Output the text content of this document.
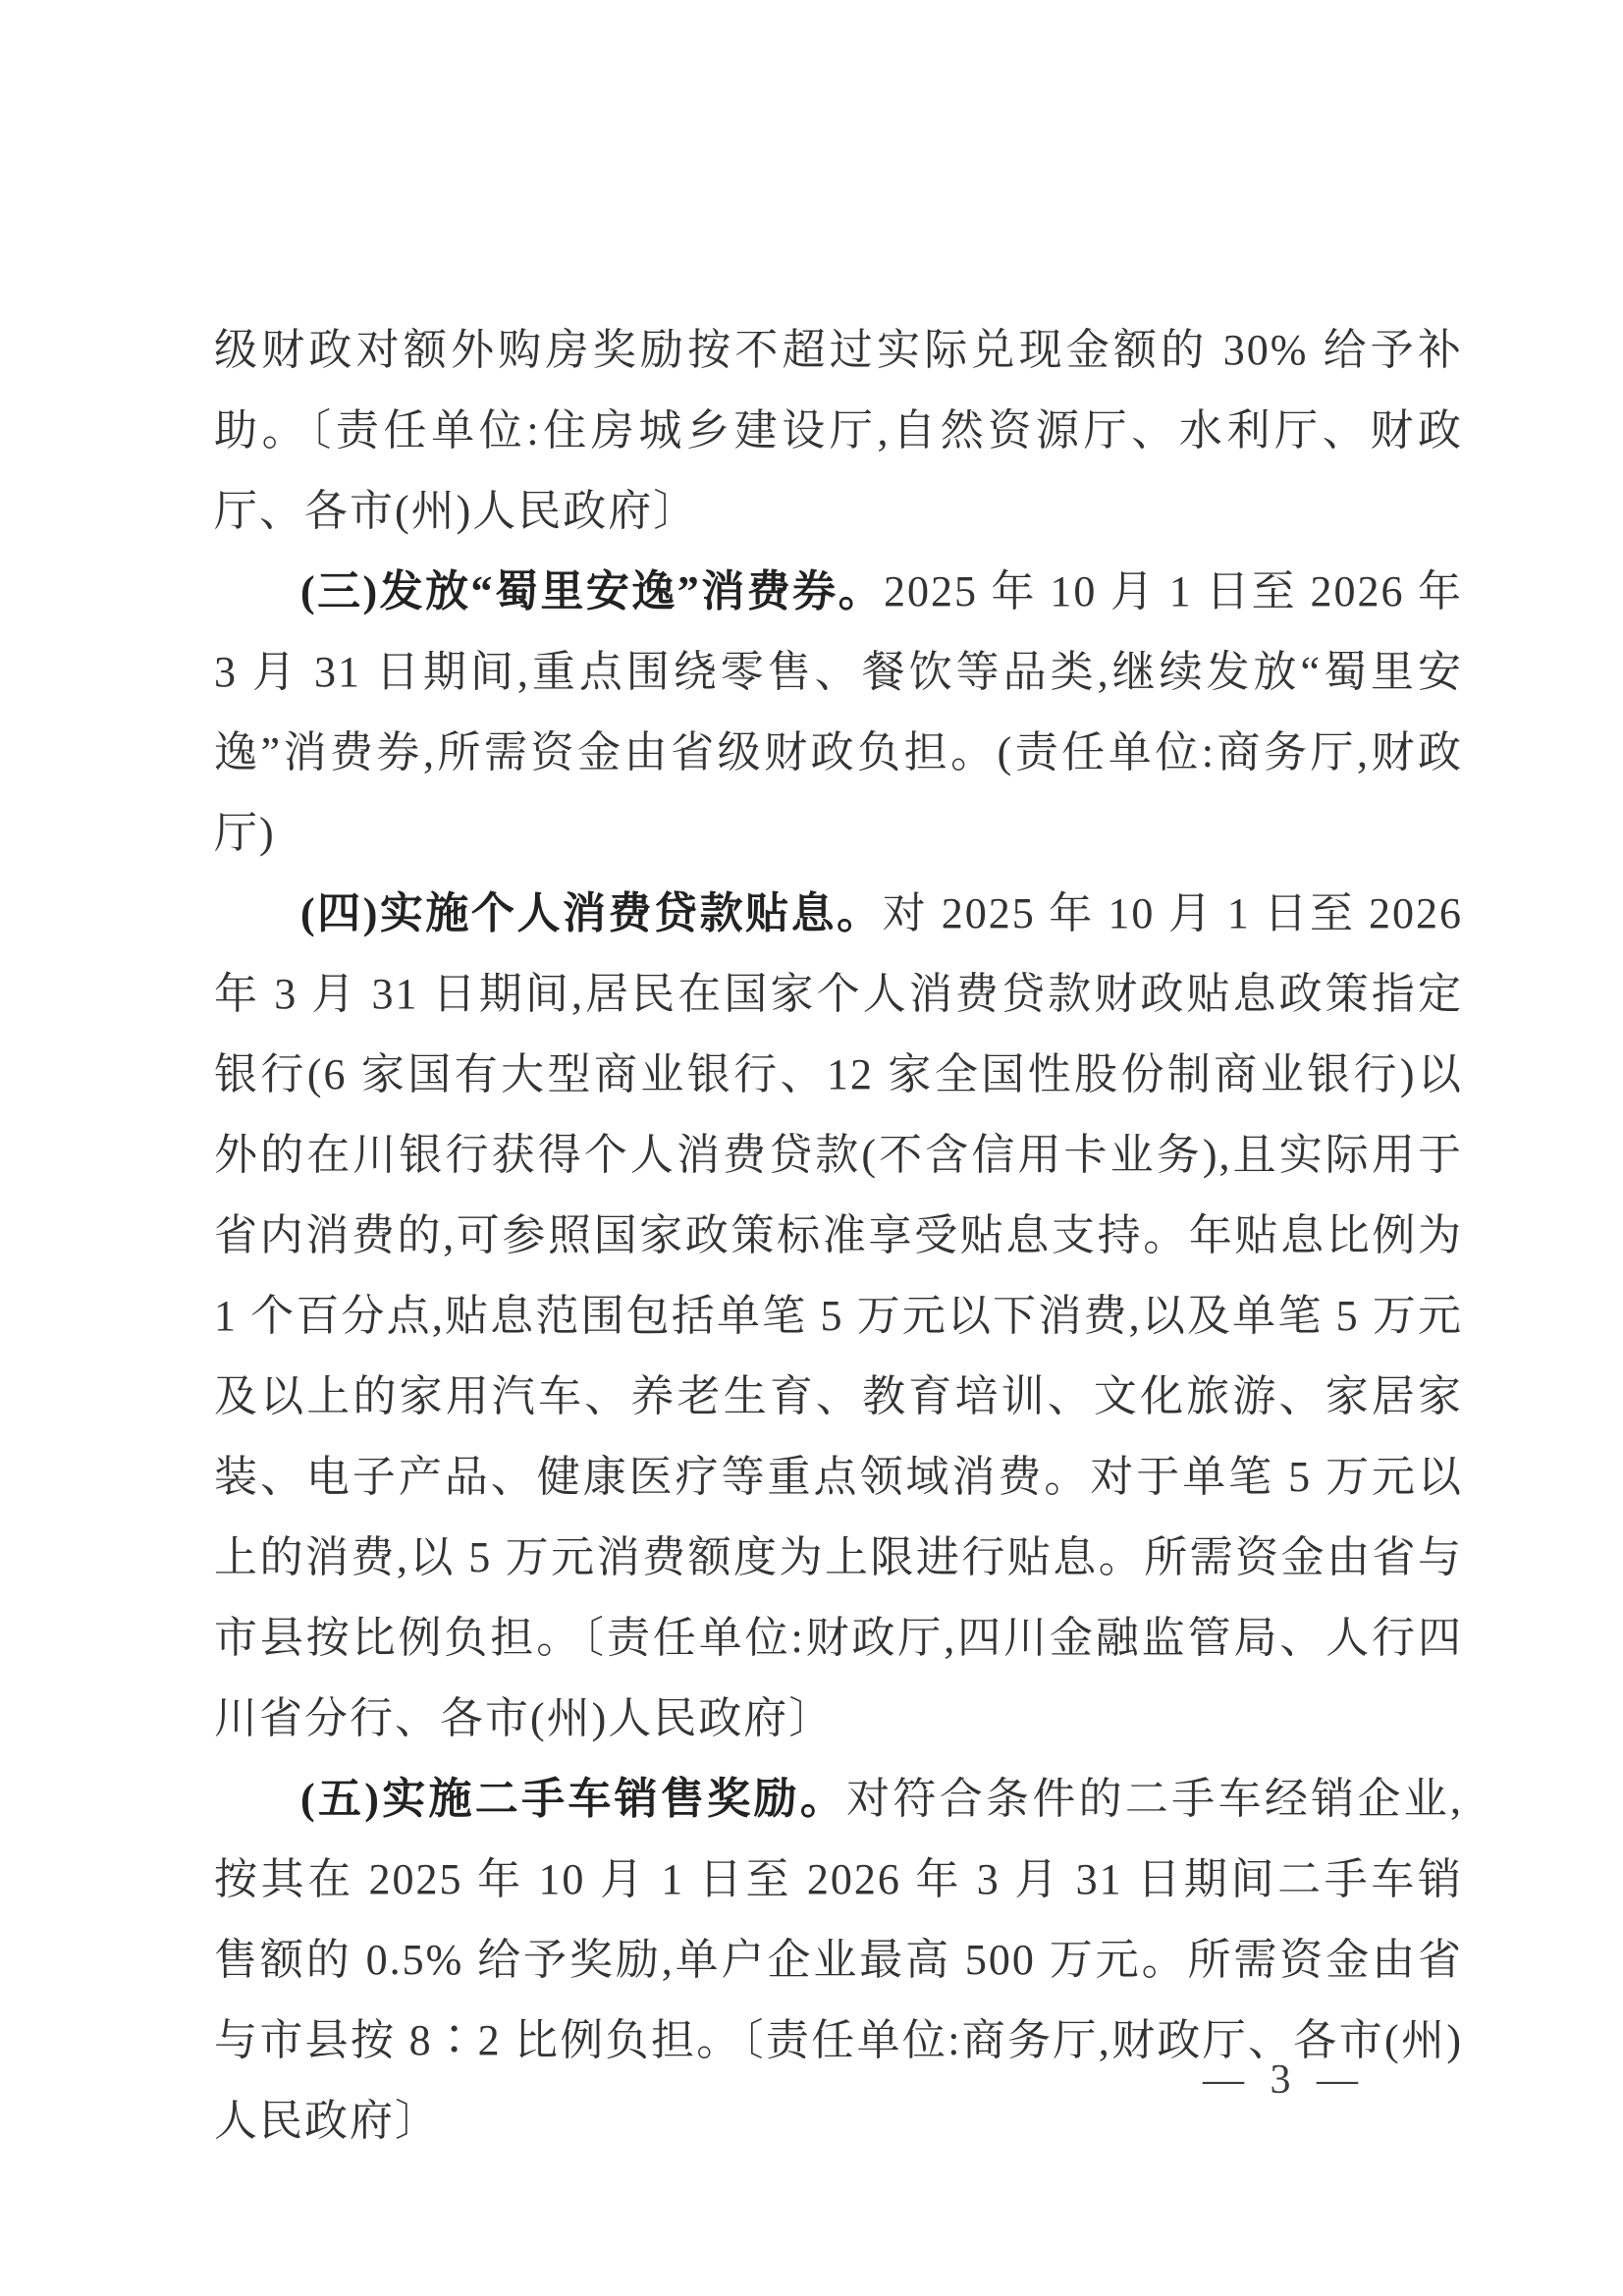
级财政对额外购房奖励按不超过实际兑现金额的 30% 给予补助。〔责任单位:住房城乡建设厅,自然资源厅、水利厅、财政厅、各市(州)人民政府〕

(三)发放“蜀里安逸”消费券。2025 年 10 月 1 日至 2026 年 3 月 31 日期间,重点围绕零售、餐饮等品类,继续发放“蜀里安逸”消费券,所需资金由省级财政负担。(责任单位:商务厅,财政厅)

(四)实施个人消费贷款贴息。对 2025 年 10 月 1 日至 2026 年 3 月 31 日期间,居民在国家个人消费贷款财政贴息政策指定银行(6 家国有大型商业银行、12 家全国性股份制商业银行)以外的在川银行获得个人消费贷款(不含信用卡业务),且实际用于省内消费的,可参照国家政策标准享受贴息支持。年贴息比例为 1 个百分点,贴息范围包括单笔 5 万元以下消费,以及单笔 5 万元及以上的家用汽车、养老生育、教育培训、文化旅游、家居家装、电子产品、健康医疗等重点领域消费。对于单笔 5 万元以上的消费,以 5 万元消费额度为上限进行贴息。所需资金由省与市县按比例负担。〔责任单位:财政厅,四川金融监管局、人行四川省分行、各市(州)人民政府〕

(五)实施二手车销售奖励。对符合条件的二手车经销企业,按其在 2025 年 10 月 1 日至 2026 年 3 月 31 日期间二手车销售额的 0.5% 给予奖励,单户企业最高 500 万元。所需资金由省与市县按 8∶2 比例负担。〔责任单位:商务厅,财政厅、各市(州)人民政府〕

— 3 —
